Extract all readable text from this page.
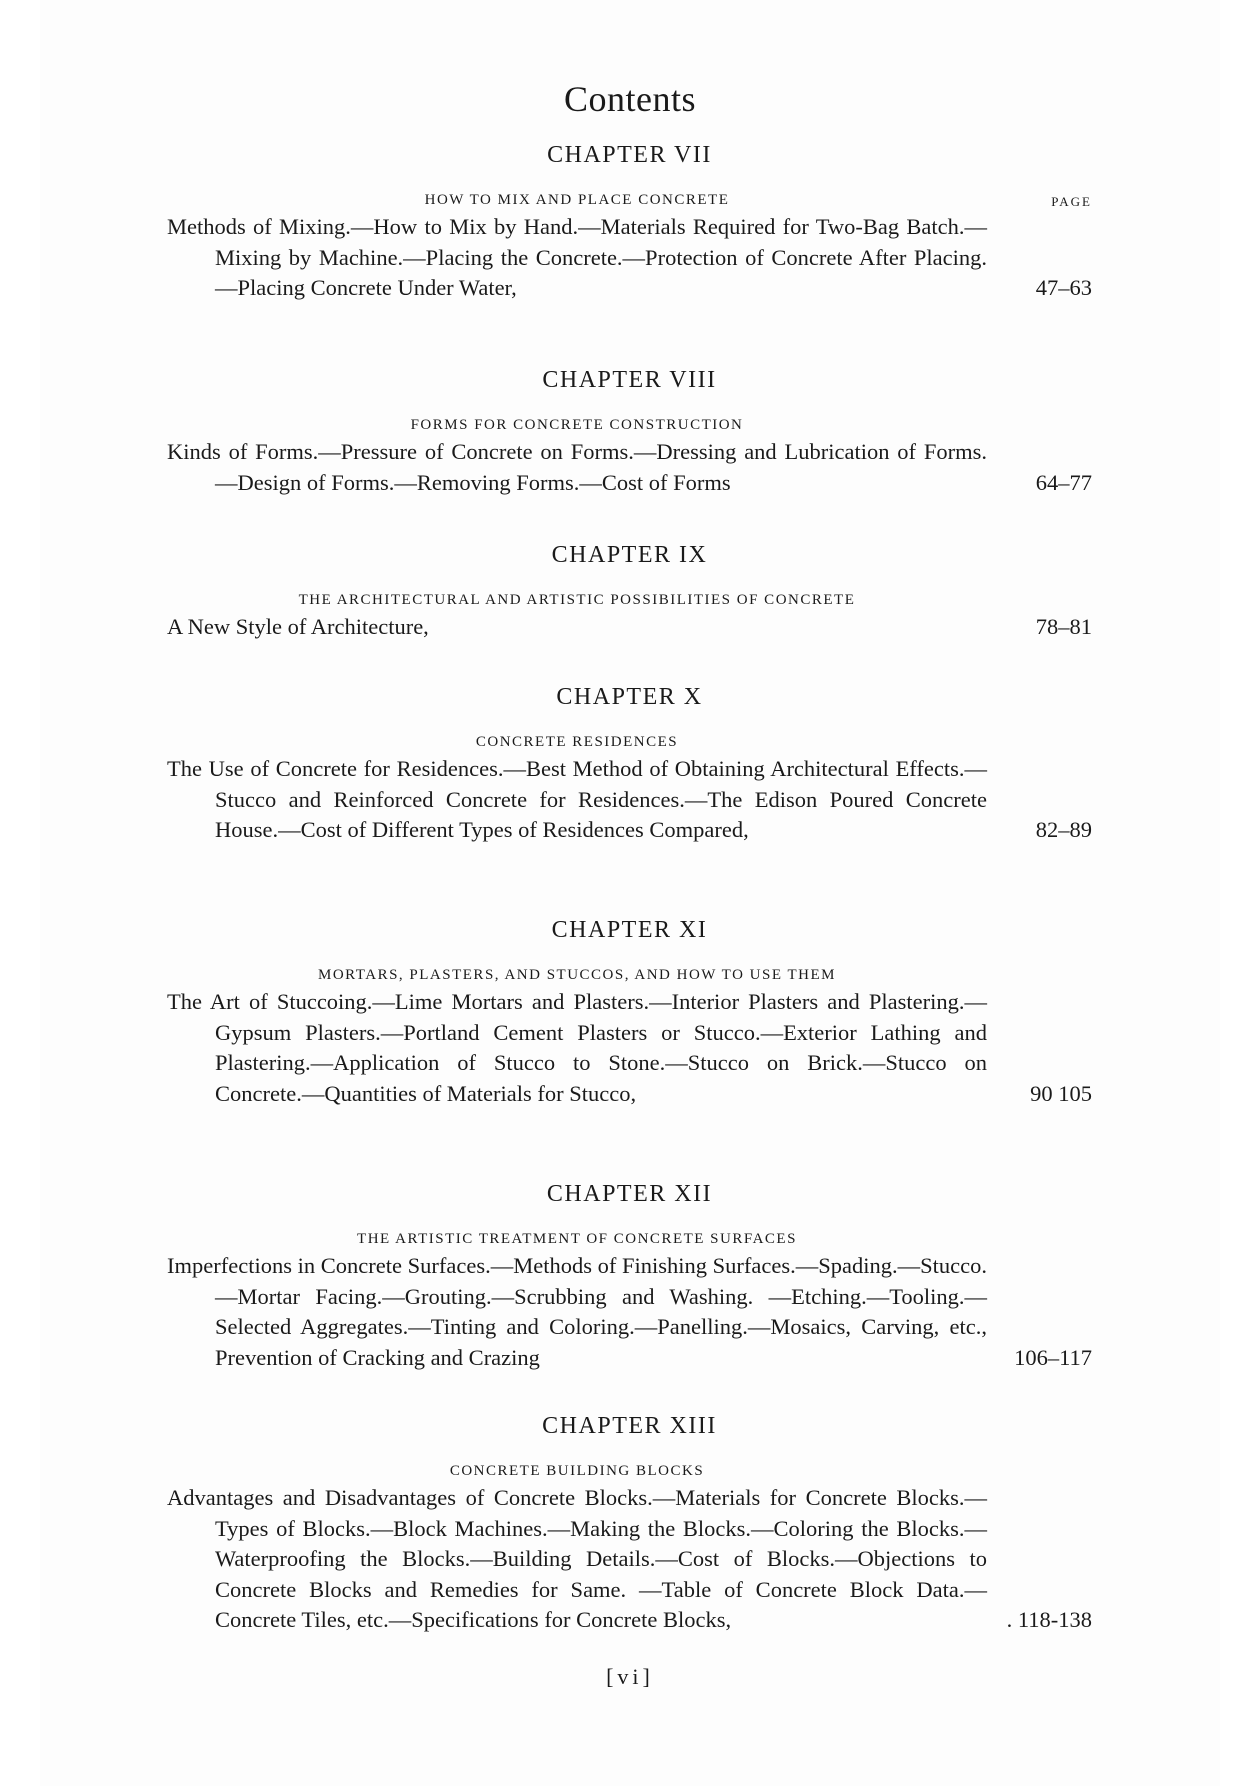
Contents
CHAPTER VII
HOW TO MIX AND PLACE CONCRETE	PAGE
Methods of Mixing.—How to Mix by Hand.—Materials Required for Two-Bag Batch.—Mixing by Machine.—Placing the Concrete.—Protection of Concrete After Placing.—Placing Concrete Under Water,	47–63
CHAPTER VIII
FORMS FOR CONCRETE CONSTRUCTION
Kinds of Forms.—Pressure of Concrete on Forms.—Dressing and Lubrication of Forms.—Design of Forms.—Removing Forms.—Cost of Forms	64–77
CHAPTER IX
THE ARCHITECTURAL AND ARTISTIC POSSIBILITIES OF CONCRETE
A New Style of Architecture,	78–81
CHAPTER X
CONCRETE RESIDENCES
The Use of Concrete for Residences.—Best Method of Obtaining Architectural Effects.—Stucco and Reinforced Concrete for Residences.—The Edison Poured Concrete House.—Cost of Different Types of Residences Compared,	82–89
CHAPTER XI
MORTARS, PLASTERS, AND STUCCOS, AND HOW TO USE THEM
The Art of Stuccoing.—Lime Mortars and Plasters.—Interior Plasters and Plastering.—Gypsum Plasters.—Portland Cement Plasters or Stucco.—Exterior Lathing and Plastering.—Application of Stucco to Stone.—Stucco on Brick.—Stucco on Concrete.—Quantities of Materials for Stucco,	90 105
CHAPTER XII
THE ARTISTIC TREATMENT OF CONCRETE SURFACES
Imperfections in Concrete Surfaces.—Methods of Finishing Surfaces.—Spading.—Stucco.—Mortar Facing.—Grouting.—Scrubbing and Washing. —Etching.—Tooling.—Selected Aggregates.—Tinting and Coloring.—Panelling.—Mosaics, Carving, etc., Prevention of Cracking and Crazing	106–117
CHAPTER XIII
CONCRETE BUILDING BLOCKS
Advantages and Disadvantages of Concrete Blocks.—Materials for Concrete Blocks.—Types of Blocks.—Block Machines.—Making the Blocks.—Coloring the Blocks.—Waterproofing the Blocks.—Building Details.—Cost of Blocks.—Objections to Concrete Blocks and Remedies for Same. —Table of Concrete Block Data.—Concrete Tiles, etc.—Specifications for Concrete Blocks,	. 118-138
[vi]
